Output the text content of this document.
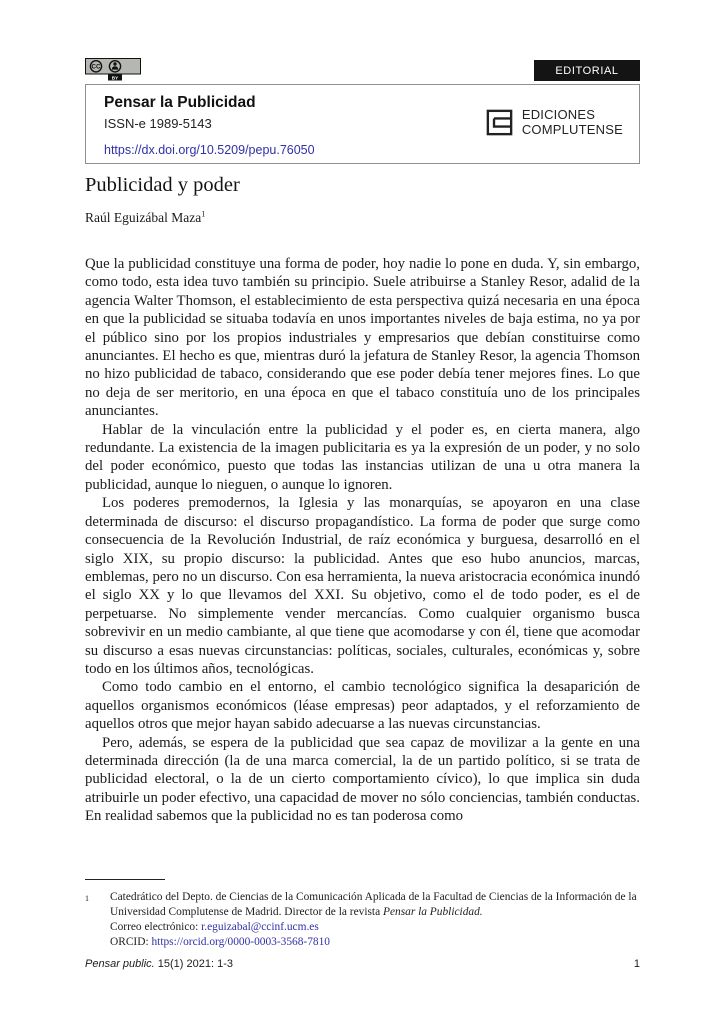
CC
BY
EDITORIAL
Pensar la Publicidad
ISSN-e 1989-5143
https://dx.doi.org/10.5209/pepu.76050
EDICIONES
COMPLUTENSE
Publicidad y poder
Raúl Eguizábal Maza$^1$

Que la publicidad constituye una forma de poder, hoy nadie lo pone en duda. Y, sin embargo, como todo, esta idea tuvo también su principio. Suele atribuirse a Stanley Resor, adalid de la agencia Walter Thomson, el establecimiento de esta perspectiva quizá necesaria en una época en que la publicidad se situaba todavía en unos importantes niveles de baja estima, no ya por el público sino por los propios industriales y empresarios que debían constituirse como anunciantes. El hecho es que, mientras duró la jefatura de Stanley Resor, la agencia Thomson no hizo publicidad de tabaco, considerando que ese poder debía tener mejores fines. Lo que no deja de ser meritorio, en una época en que el tabaco constituía uno de los principales anunciantes.

Hablar de la vinculación entre la publicidad y el poder es, en cierta manera, algo redundante. La existencia de la imagen publicitaria es ya la expresión de un poder, y no solo del poder económico, puesto que todas las instancias utilizan de una u otra manera la publicidad, aunque lo nieguen, o aunque lo ignoren.

Los poderes premodernos, la Iglesia y las monarquías, se apoyaron en una clase determinada de discurso: el discurso propagandístico. La forma de poder que surge como consecuencia de la Revolución Industrial, de raíz económica y burguesa, desarrolló en el siglo XIX, su propio discurso: la publicidad. Antes que eso hubo anuncios, marcas, emblemas, pero no un discurso. Con esa herramienta, la nueva aristocracia económica inundó el siglo XX y lo que llevamos del XXI. Su objetivo, como el de todo poder, es el de perpetuarse. No simplemente vender mercancías. Como cualquier organismo busca sobrevivir en un medio cambiante, al que tiene que acomodarse y con él, tiene que acomodar su discurso a esas nuevas circunstancias: políticas, sociales, culturales, económicas y, sobre todo en los últimos años, tecnológicas.

Como todo cambio en el entorno, el cambio tecnológico significa la desaparición de aquellos organismos económicos (léase empresas) peor adaptados, y el reforzamiento de aquellos otros que mejor hayan sabido adecuarse a las nuevas circunstancias.

Pero, además, se espera de la publicidad que sea capaz de movilizar a la gente en una determinada dirección (la de una marca comercial, la de un partido político, si se trata de publicidad electoral, o la de un cierto comportamiento cívico), lo que implica sin duda atribuirle un poder efectivo, una capacidad de mover no sólo conciencias, también conductas. En realidad sabemos que la publicidad no es tan poderosa como

1	Catedrático del Depto. de Ciencias de la Comunicación Aplicada de la Facultad de Ciencias de la Información de la Universidad Complutense de Madrid. Director de la revista Pensar la Publicidad.
Correo electrónico: r.eguizabal@ccinf.ucm.es
ORCID: https://orcid.org/0000-0003-3568-7810
Pensar public. 15(1) 2021: 1-3	1
